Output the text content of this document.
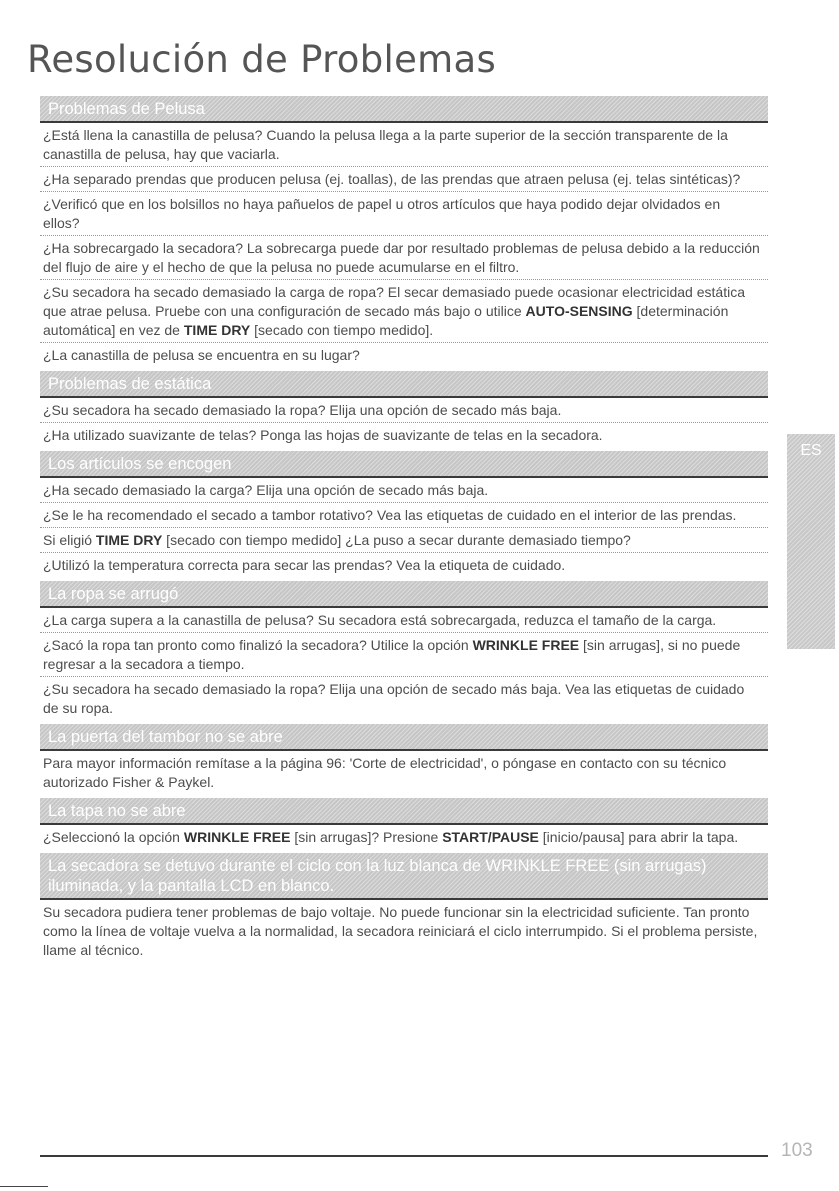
Resolución de Problemas
Problemas de Pelusa
¿Está llena la canastilla de pelusa? Cuando la pelusa llega a la parte superior de la sección transparente de la canastilla de pelusa, hay que vaciarla.
¿Ha separado prendas que producen pelusa (ej. toallas), de las prendas que atraen pelusa (ej. telas sintéticas)?
¿Verificó que en los bolsillos no haya pañuelos de papel u otros artículos que haya podido dejar olvidados en ellos?
¿Ha sobrecargado la secadora? La sobrecarga puede dar por resultado problemas de pelusa debido a la reducción del flujo de aire y el hecho de que la pelusa no puede acumularse en el filtro.
¿Su secadora ha secado demasiado la carga de ropa? El secar demasiado puede ocasionar electricidad estática que atrae pelusa. Pruebe con una configuración de secado más bajo o utilice AUTO-SENSING [determinación automática] en vez de TIME DRY [secado con tiempo medido].
¿La canastilla de pelusa se encuentra en su lugar?
Problemas de estática
¿Su secadora ha secado demasiado la ropa? Elija una opción de secado más baja.
¿Ha utilizado suavizante de telas? Ponga las hojas de suavizante de telas en la secadora.
Los artículos se encogen
¿Ha secado demasiado la carga? Elija una opción de secado más baja.
¿Se le ha recomendado el secado a tambor rotativo? Vea las etiquetas de cuidado en el interior de las prendas.
Si eligió TIME DRY [secado con tiempo medido] ¿La puso a secar durante demasiado tiempo?
¿Utilizó la temperatura correcta para secar las prendas? Vea la etiqueta de cuidado.
La ropa se arrugó
¿La carga supera a la canastilla de pelusa? Su secadora está sobrecargada, reduzca el tamaño de la carga.
¿Sacó la ropa tan pronto como finalizó la secadora? Utilice la opción WRINKLE FREE [sin arrugas], si no puede regresar a la secadora a tiempo.
¿Su secadora ha secado demasiado la ropa? Elija una opción de secado más baja. Vea las etiquetas de cuidado de su ropa.
La puerta del tambor no se abre
Para mayor información remítase a la página 96: 'Corte de electricidad', o póngase en contacto con su técnico autorizado Fisher & Paykel.
La tapa no se abre
¿Seleccionó la opción WRINKLE FREE [sin arrugas]? Presione START/PAUSE [inicio/pausa] para abrir la tapa.
La secadora se detuvo durante el ciclo con la luz blanca de WRINKLE FREE (sin arrugas) iluminada, y la pantalla LCD en blanco.
Su secadora pudiera tener problemas de bajo voltaje. No puede funcionar sin la electricidad suficiente. Tan pronto como la línea de voltaje vuelva a la normalidad, la secadora reiniciará el ciclo interrumpido. Si el problema persiste, llame al técnico.
ES
103
